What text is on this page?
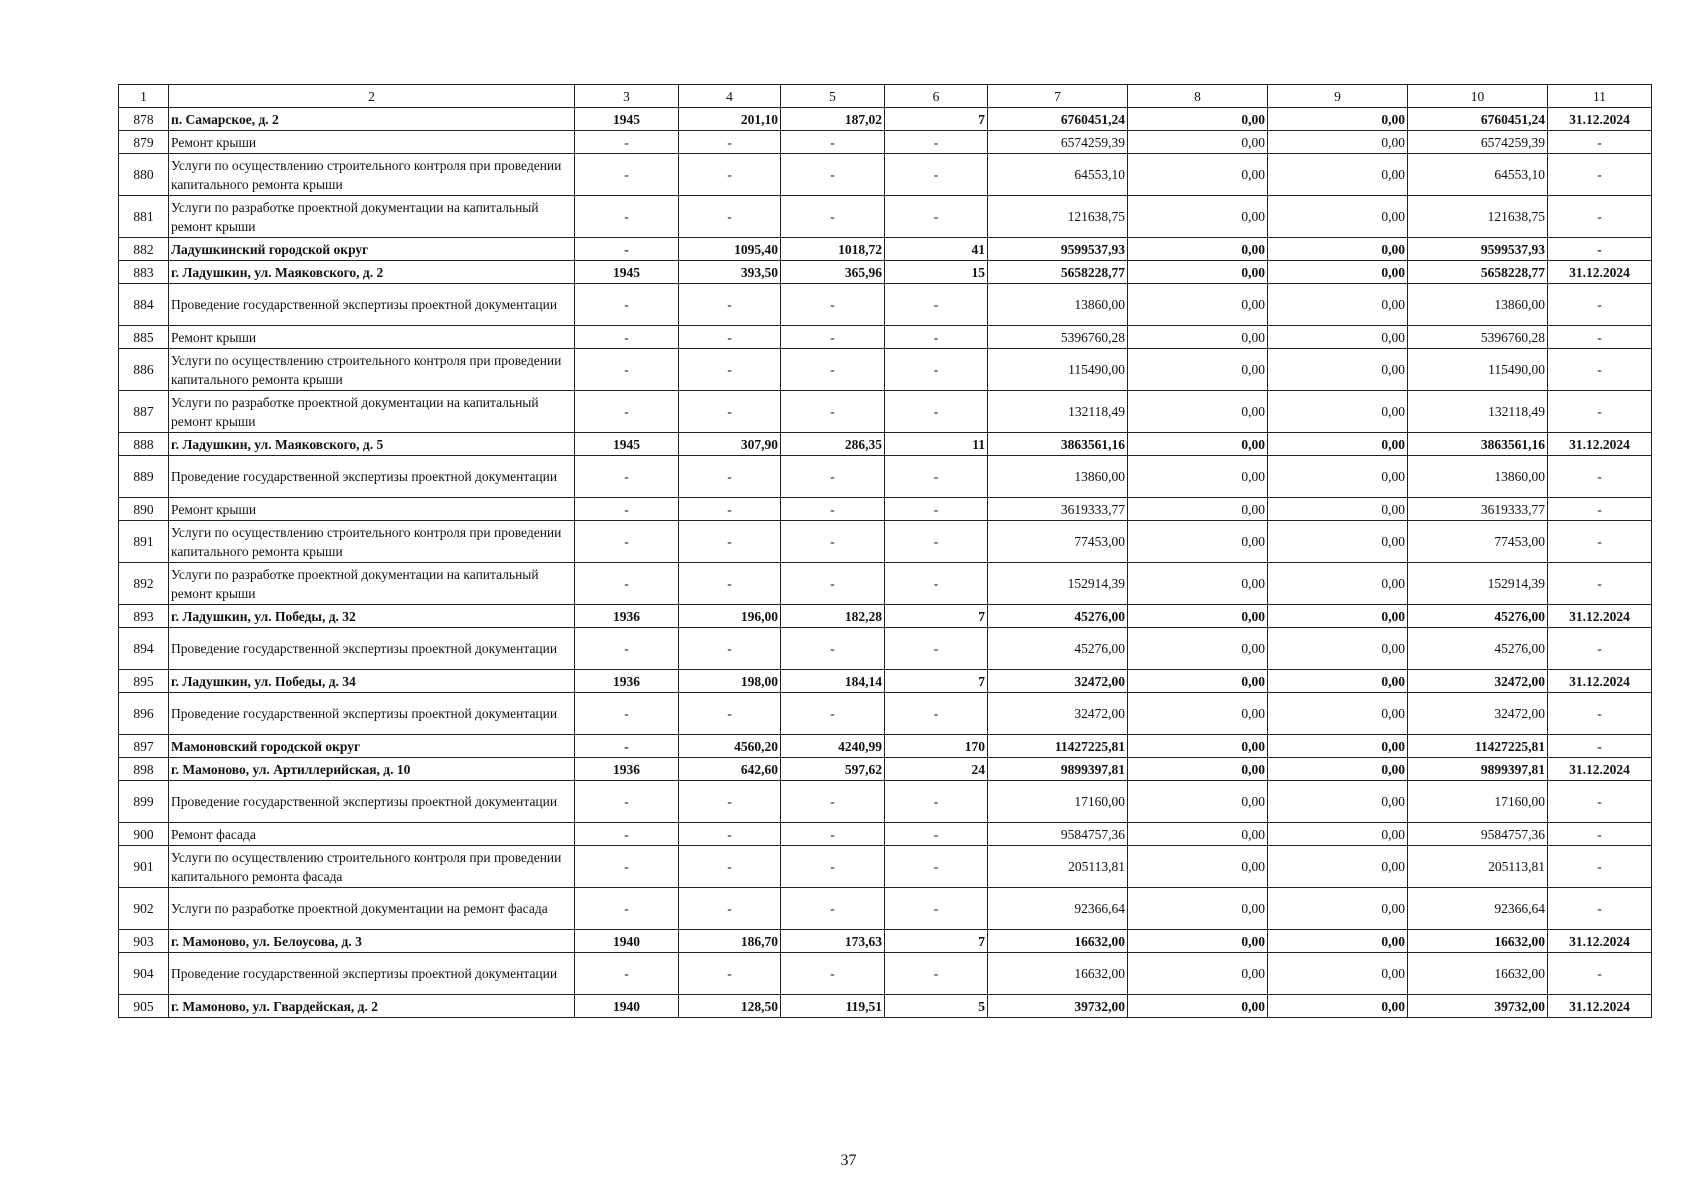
1	2	3	4	5	6	7	8	9	10	11
878	п. Самарское, д. 2	1945	201,10	187,02	7	6760451,24	0,00	0,00	6760451,24	31.12.2024
879	Ремонт крыши	-	-	-	-	6574259,39	0,00	0,00	6574259,39	-
880	Услуги по осуществлению строительного контроля при проведении капитального ремонта крыши	-	-	-	-	64553,10	0,00	0,00	64553,10	-
881	Услуги по разработке проектной документации на капитальный ремонт крыши	-	-	-	-	121638,75	0,00	0,00	121638,75	-
882	Ладушкинский городской округ	-	1095,40	1018,72	41	9599537,93	0,00	0,00	9599537,93	-
883	г. Ладушкин, ул. Маяковского, д. 2	1945	393,50	365,96	15	5658228,77	0,00	0,00	5658228,77	31.12.2024
884	Проведение государственной экспертизы проектной документации	-	-	-	-	13860,00	0,00	0,00	13860,00	-
885	Ремонт крыши	-	-	-	-	5396760,28	0,00	0,00	5396760,28	-
886	Услуги по осуществлению строительного контроля при проведении капитального ремонта крыши	-	-	-	-	115490,00	0,00	0,00	115490,00	-
887	Услуги по разработке проектной документации на капитальный ремонт крыши	-	-	-	-	132118,49	0,00	0,00	132118,49	-
888	г. Ладушкин, ул. Маяковского, д. 5	1945	307,90	286,35	11	3863561,16	0,00	0,00	3863561,16	31.12.2024
889	Проведение государственной экспертизы проектной документации	-	-	-	-	13860,00	0,00	0,00	13860,00	-
890	Ремонт крыши	-	-	-	-	3619333,77	0,00	0,00	3619333,77	-
891	Услуги по осуществлению строительного контроля при проведении капитального ремонта крыши	-	-	-	-	77453,00	0,00	0,00	77453,00	-
892	Услуги по разработке проектной документации на капитальный ремонт крыши	-	-	-	-	152914,39	0,00	0,00	152914,39	-
893	г. Ладушкин, ул. Победы, д. 32	1936	196,00	182,28	7	45276,00	0,00	0,00	45276,00	31.12.2024
894	Проведение государственной экспертизы проектной документации	-	-	-	-	45276,00	0,00	0,00	45276,00	-
895	г. Ладушкин, ул. Победы, д. 34	1936	198,00	184,14	7	32472,00	0,00	0,00	32472,00	31.12.2024
896	Проведение государственной экспертизы проектной документации	-	-	-	-	32472,00	0,00	0,00	32472,00	-
897	Мамоновский городской округ	-	4560,20	4240,99	170	11427225,81	0,00	0,00	11427225,81	-
898	г. Мамоново, ул. Артиллерийская, д. 10	1936	642,60	597,62	24	9899397,81	0,00	0,00	9899397,81	31.12.2024
899	Проведение государственной экспертизы проектной документации	-	-	-	-	17160,00	0,00	0,00	17160,00	-
900	Ремонт фасада	-	-	-	-	9584757,36	0,00	0,00	9584757,36	-
901	Услуги по осуществлению строительного контроля при проведении капитального ремонта фасада	-	-	-	-	205113,81	0,00	0,00	205113,81	-
902	Услуги по разработке проектной документации на ремонт фасада	-	-	-	-	92366,64	0,00	0,00	92366,64	-
903	г. Мамоново, ул. Белоусова, д. 3	1940	186,70	173,63	7	16632,00	0,00	0,00	16632,00	31.12.2024
904	Проведение государственной экспертизы проектной документации	-	-	-	-	16632,00	0,00	0,00	16632,00	-
905	г. Мамоново, ул. Гвардейская, д. 2	1940	128,50	119,51	5	39732,00	0,00	0,00	39732,00	31.12.2024
37
